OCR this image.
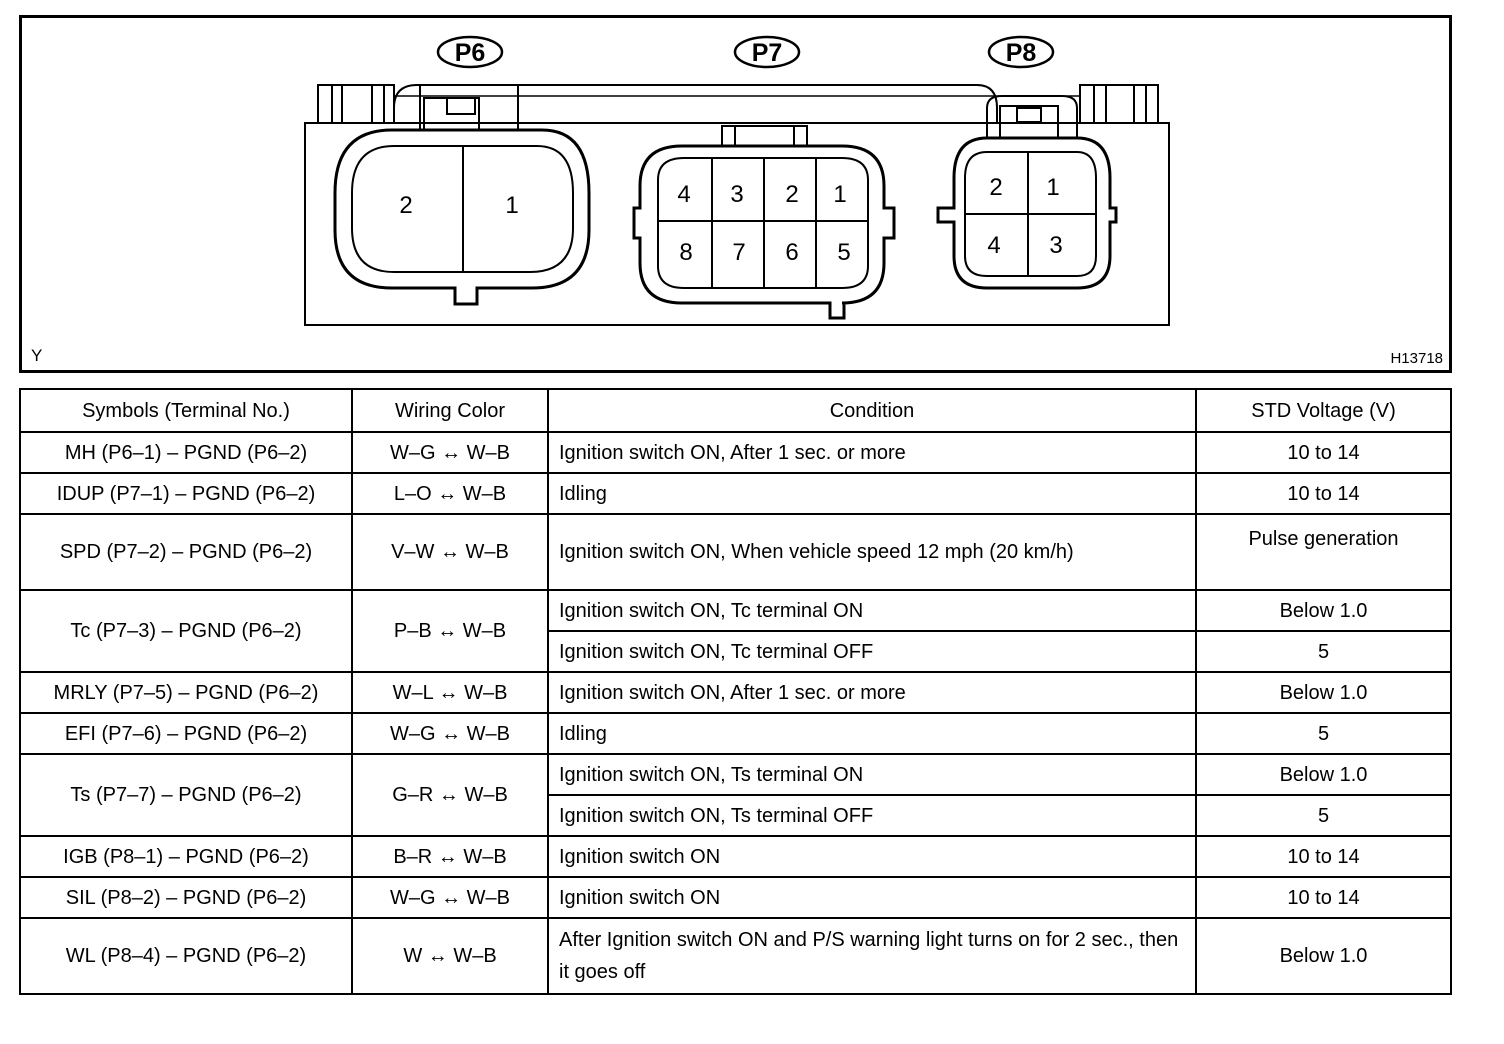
P6	P7	P8
2	1	4 3 2 1
8 7 6 5
2 1
4 3
Y	H13718
Symbols (Terminal No.)	Wiring Color	Condition	STD Voltage (V)
MH (P6–1) – PGND (P6–2)	W–G ↔ W–B	Ignition switch ON, After 1 sec. or more	10 to 14
IDUP (P7–1) – PGND (P6–2)	L–O ↔ W–B	Idling	10 to 14
SPD (P7–2) – PGND (P6–2)	V–W ↔ W–B	Ignition switch ON, When vehicle speed 12 mph (20 km/h)	Pulse generation
Tc (P7–3) – PGND (P6–2)	P–B ↔ W–B	Ignition switch ON, Tc terminal ON	Below 1.0
		Ignition switch ON, Tc terminal OFF	5
MRLY (P7–5) – PGND (P6–2)	W–L ↔ W–B	Ignition switch ON, After 1 sec. or more	Below 1.0
EFI (P7–6) – PGND (P6–2)	W–G ↔ W–B	Idling	5
Ts (P7–7) – PGND (P6–2)	G–R ↔ W–B	Ignition switch ON, Ts terminal ON	Below 1.0
		Ignition switch ON, Ts terminal OFF	5
IGB (P8–1) – PGND (P6–2)	B–R ↔ W–B	Ignition switch ON	10 to 14
SIL (P8–2) – PGND (P6–2)	W–G ↔ W–B	Ignition switch ON	10 to 14
WL (P8–4) – PGND (P6–2)	W ↔ W–B	After Ignition switch ON and P/S warning light turns on for 2 sec., then it goes off	Below 1.0
